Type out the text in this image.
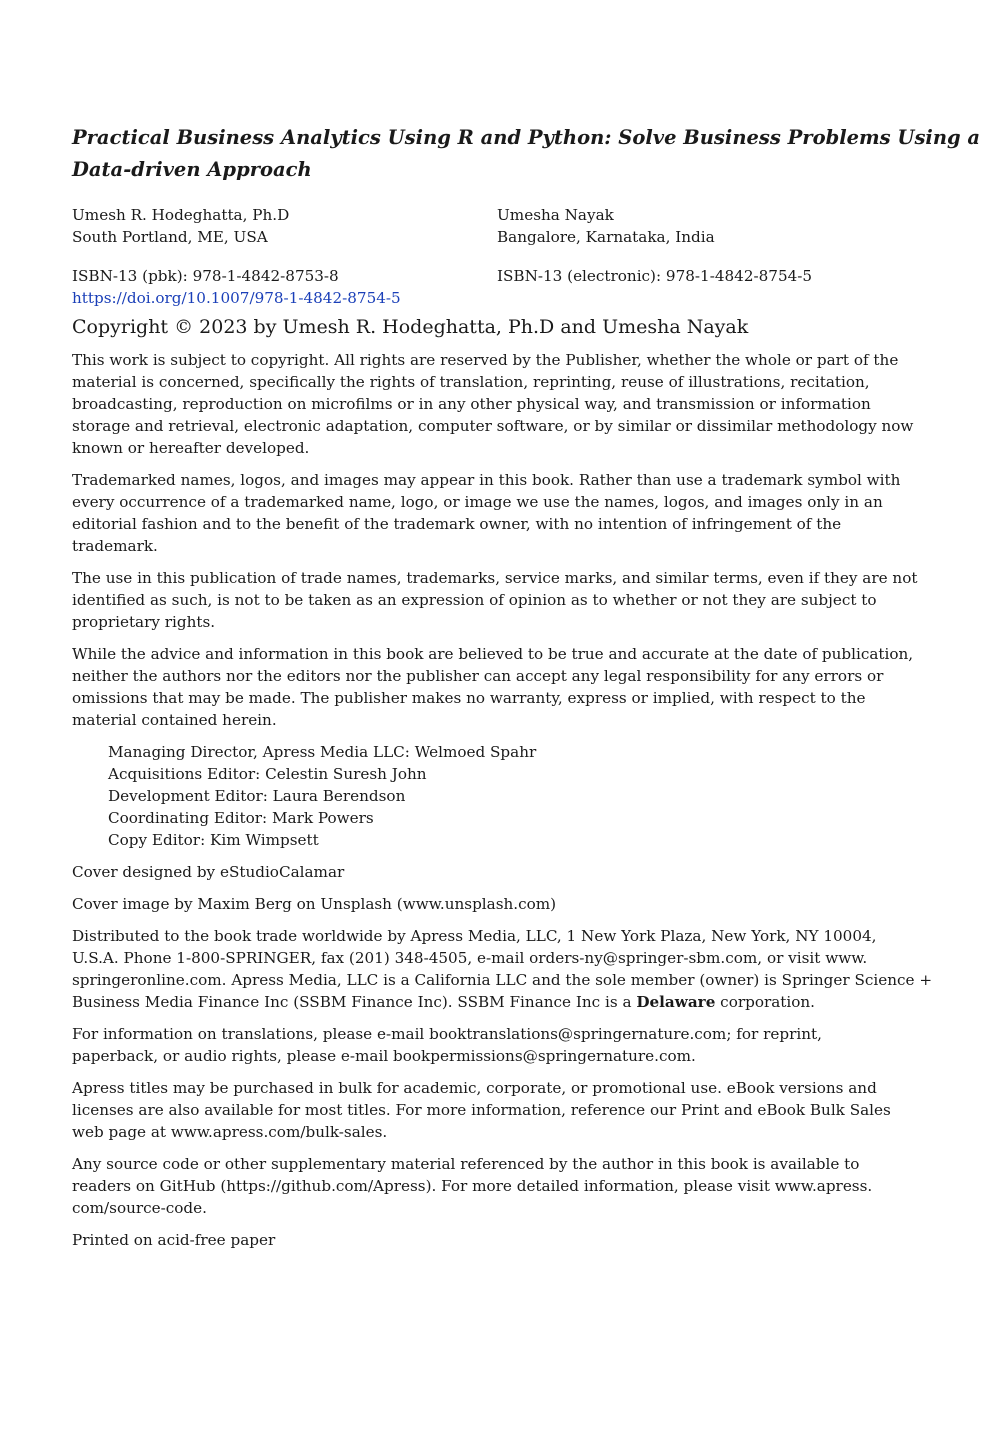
Practical Business Analytics Using R and Python: Solve Business Problems Using a
Data-driven Approach
Umesh R. Hodeghatta, Ph.D
South Portland, ME, USA
Umesha Nayak
Bangalore, Karnataka, India
ISBN-13 (pbk): 978-1-4842-8753-8
https://doi.org/10.1007/978-1-4842-8754-5
ISBN-13 (electronic): 978-1-4842-8754-5
Copyright © 2023 by Umesh R. Hodeghatta, Ph.D and Umesha Nayak

This work is subject to copyright. All rights are reserved by the Publisher, whether the whole or part of the
material is concerned, specifically the rights of translation, reprinting, reuse of illustrations, recitation,
broadcasting, reproduction on microfilms or in any other physical way, and transmission or information
storage and retrieval, electronic adaptation, computer software, or by similar or dissimilar methodology now
known or hereafter developed.

Trademarked names, logos, and images may appear in this book. Rather than use a trademark symbol with
every occurrence of a trademarked name, logo, or image we use the names, logos, and images only in an
editorial fashion and to the benefit of the trademark owner, with no intention of infringement of the
trademark.

The use in this publication of trade names, trademarks, service marks, and similar terms, even if they are not
identified as such, is not to be taken as an expression of opinion as to whether or not they are subject to
proprietary rights.

While the advice and information in this book are believed to be true and accurate at the date of publication,
neither the authors nor the editors nor the publisher can accept any legal responsibility for any errors or
omissions that may be made. The publisher makes no warranty, express or implied, with respect to the
material contained herein.

Managing Director, Apress Media LLC: Welmoed Spahr
Acquisitions Editor: Celestin Suresh John
Development Editor: Laura Berendson
Coordinating Editor: Mark Powers
Copy Editor: Kim Wimpsett

Cover designed by eStudioCalamar

Cover image by Maxim Berg on Unsplash (www.unsplash.com)

Distributed to the book trade worldwide by Apress Media, LLC, 1 New York Plaza, New York, NY 10004,
U.S.A. Phone 1-800-SPRINGER, fax (201) 348-4505, e-mail orders-ny@springer-sbm.com, or visit www.
springeronline.com. Apress Media, LLC is a California LLC and the sole member (owner) is Springer Science +
Business Media Finance Inc (SSBM Finance Inc). SSBM Finance Inc is a Delaware corporation.

For information on translations, please e-mail booktranslations@springernature.com; for reprint,
paperback, or audio rights, please e-mail bookpermissions@springernature.com.

Apress titles may be purchased in bulk for academic, corporate, or promotional use. eBook versions and
licenses are also available for most titles. For more information, reference our Print and eBook Bulk Sales
web page at www.apress.com/bulk-sales.

Any source code or other supplementary material referenced by the author in this book is available to
readers on GitHub (https://github.com/Apress). For more detailed information, please visit www.apress.
com/source-code.

Printed on acid-free paper
